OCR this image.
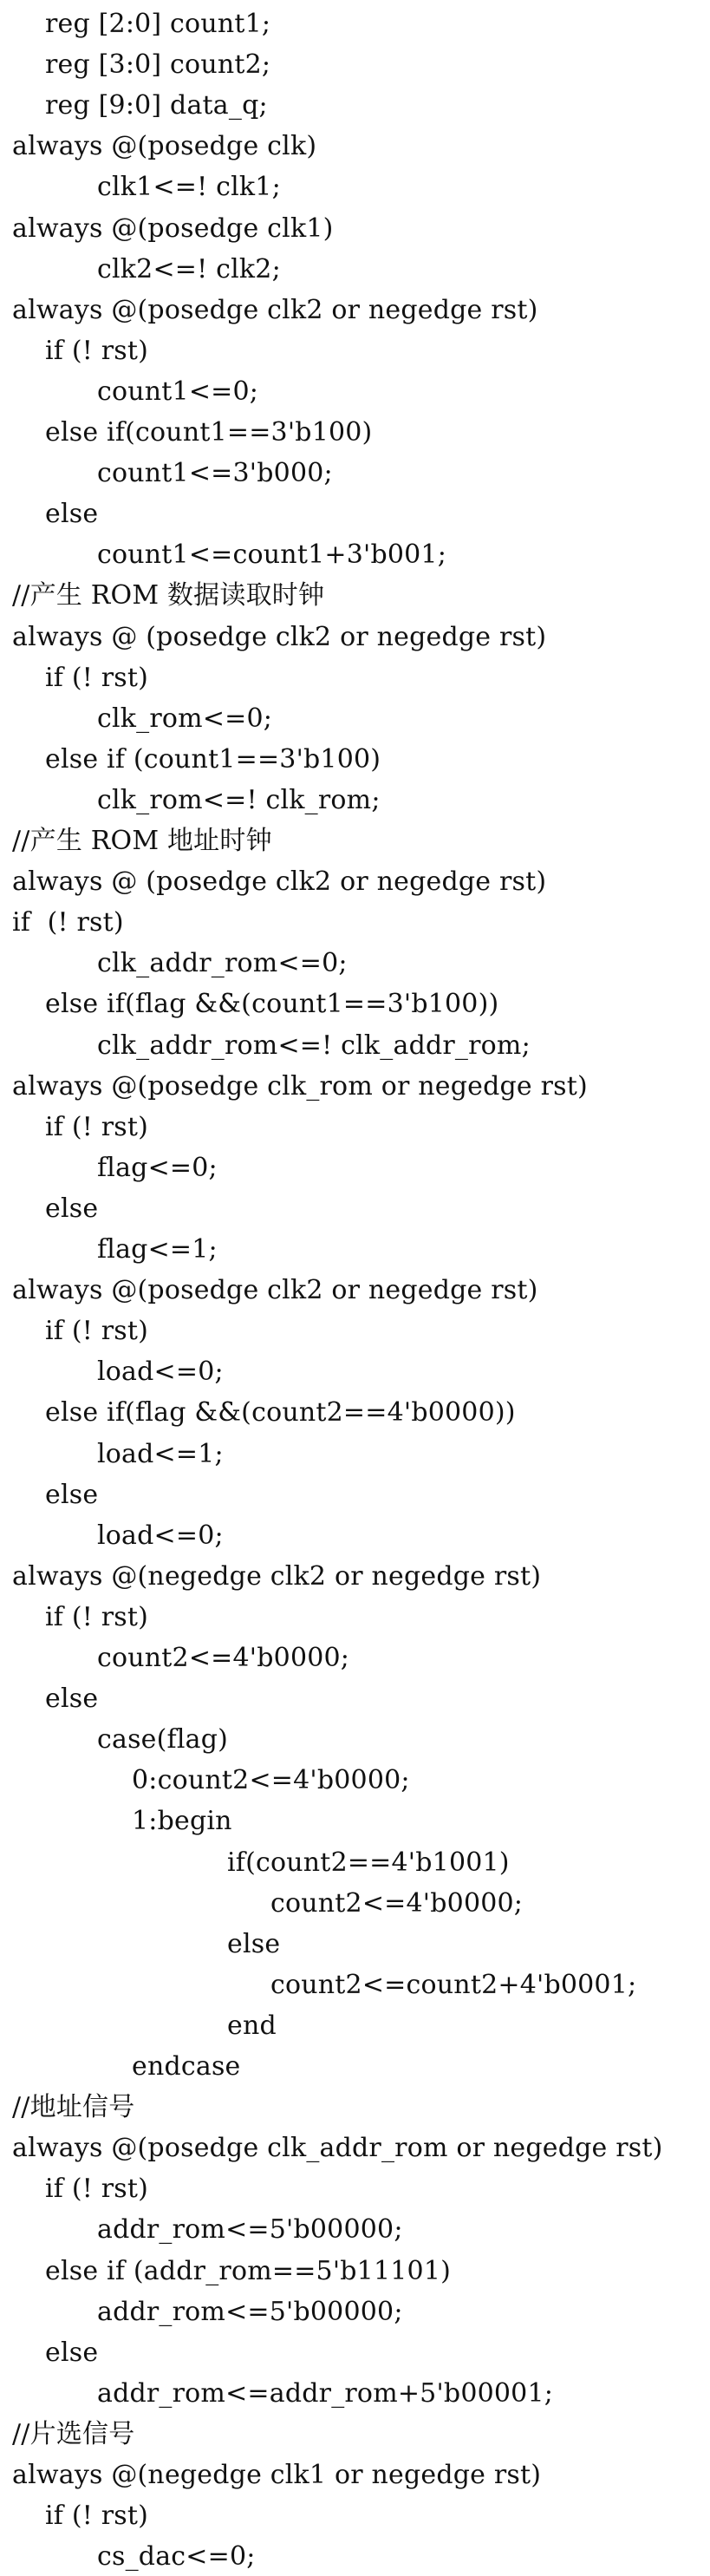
reg [2:0] count1;
reg [3:0] count2;
reg [9:0] data_q;
always @(posedge clk)
clk1<=! clk1;
always @(posedge clk1)
clk2<=! clk2;
always @(posedge clk2 or negedge rst)
if (! rst)
count1<=0;
else if(count1==3'b100)
count1<=3'b000;
else
count1<=count1+3'b001;
//产生 ROM 数据读取时钟
always @ (posedge clk2 or negedge rst)
if (! rst)
clk_rom<=0;
else if (count1==3'b100)
clk_rom<=! clk_rom;
//产生 ROM 地址时钟
always @ (posedge clk2 or negedge rst)
if  (! rst)
clk_addr_rom<=0;
else if(flag &&(count1==3'b100))
clk_addr_rom<=! clk_addr_rom;
always @(posedge clk_rom or negedge rst)
if (! rst)
flag<=0;
else
flag<=1;
always @(posedge clk2 or negedge rst)
if (! rst)
load<=0;
else if(flag &&(count2==4'b0000))
load<=1;
else
load<=0;
always @(negedge clk2 or negedge rst)
if (! rst)
count2<=4'b0000;
else
case(flag)
0:count2<=4'b0000;
1:begin
if(count2==4'b1001)
count2<=4'b0000;
else
count2<=count2+4'b0001;
end
endcase
//地址信号
always @(posedge clk_addr_rom or negedge rst)
if (! rst)
addr_rom<=5'b00000;
else if (addr_rom==5'b11101)
addr_rom<=5'b00000;
else
addr_rom<=addr_rom+5'b00001;
//片选信号
always @(negedge clk1 or negedge rst)
if (! rst)
cs_dac<=0;
